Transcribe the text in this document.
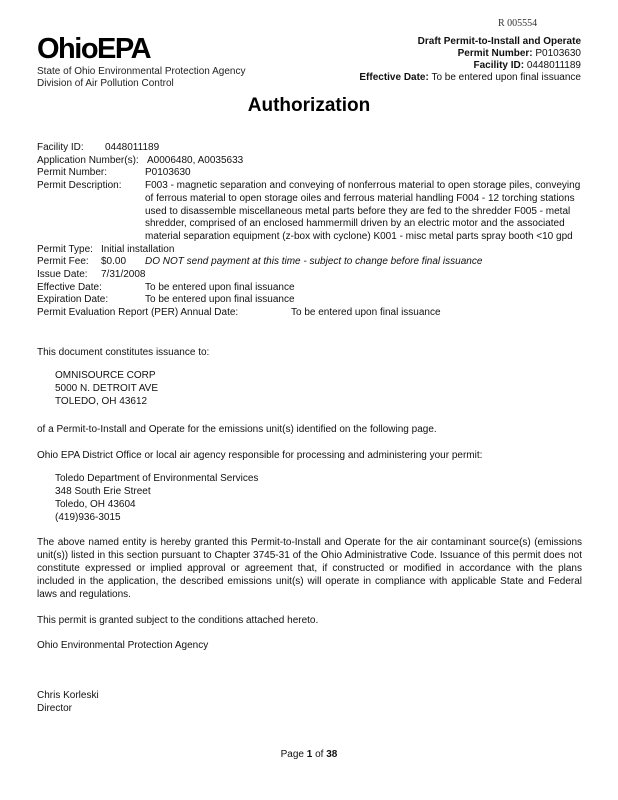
R 005554
OhioEPA
State of Ohio Environmental Protection Agency
Division of Air Pollution Control
Draft Permit-to-Install and Operate
Permit Number: P0103630
Facility ID: 0448011189
Effective Date: To be entered upon final issuance
Authorization
Facility ID:	0448011189
Application Number(s): A0006480, A0035633
Permit Number:	P0103630
Permit Description:	F003 - magnetic separation and conveying of nonferrous material to open storage piles, conveying of ferrous material to open storage oiles and ferrous material handling F004 - 12 torching stations used to disassemble miscellaneous metal parts before they are fed to the shredder F005 - metal shredder, comprised of an enclosed hammermill driven by an electric motor and the associated material separation equipment (z-box with cyclone) K001 - misc metal parts spray booth <10 gpd
Permit Type: Initial installation
Permit Fee:	$0.00	DO NOT send payment at this time - subject to change before final issuance
Issue Date:	7/31/2008
Effective Date:	To be entered upon final issuance
Expiration Date:	To be entered upon final issuance
Permit Evaluation Report (PER) Annual Date:	To be entered upon final issuance
This document constitutes issuance to:
OMNISOURCE CORP
5000 N. DETROIT AVE
TOLEDO, OH 43612
of a Permit-to-Install and Operate for the emissions unit(s) identified on the following page.
Ohio EPA District Office or local air agency responsible for processing and administering your permit:
Toledo Department of Environmental Services
348 South Erie Street
Toledo, OH 43604
(419)936-3015
The above named entity is hereby granted this Permit-to-Install and Operate for the air contaminant source(s) (emissions unit(s)) listed in this section pursuant to Chapter 3745-31 of the Ohio Administrative Code. Issuance of this permit does not constitute expressed or implied approval or agreement that, if constructed or modified in accordance with the plans included in the application, the described emissions unit(s) will operate in compliance with applicable State and Federal laws and regulations.
This permit is granted subject to the conditions attached hereto.
Ohio Environmental Protection Agency
Chris Korleski
Director
Page 1 of 38
